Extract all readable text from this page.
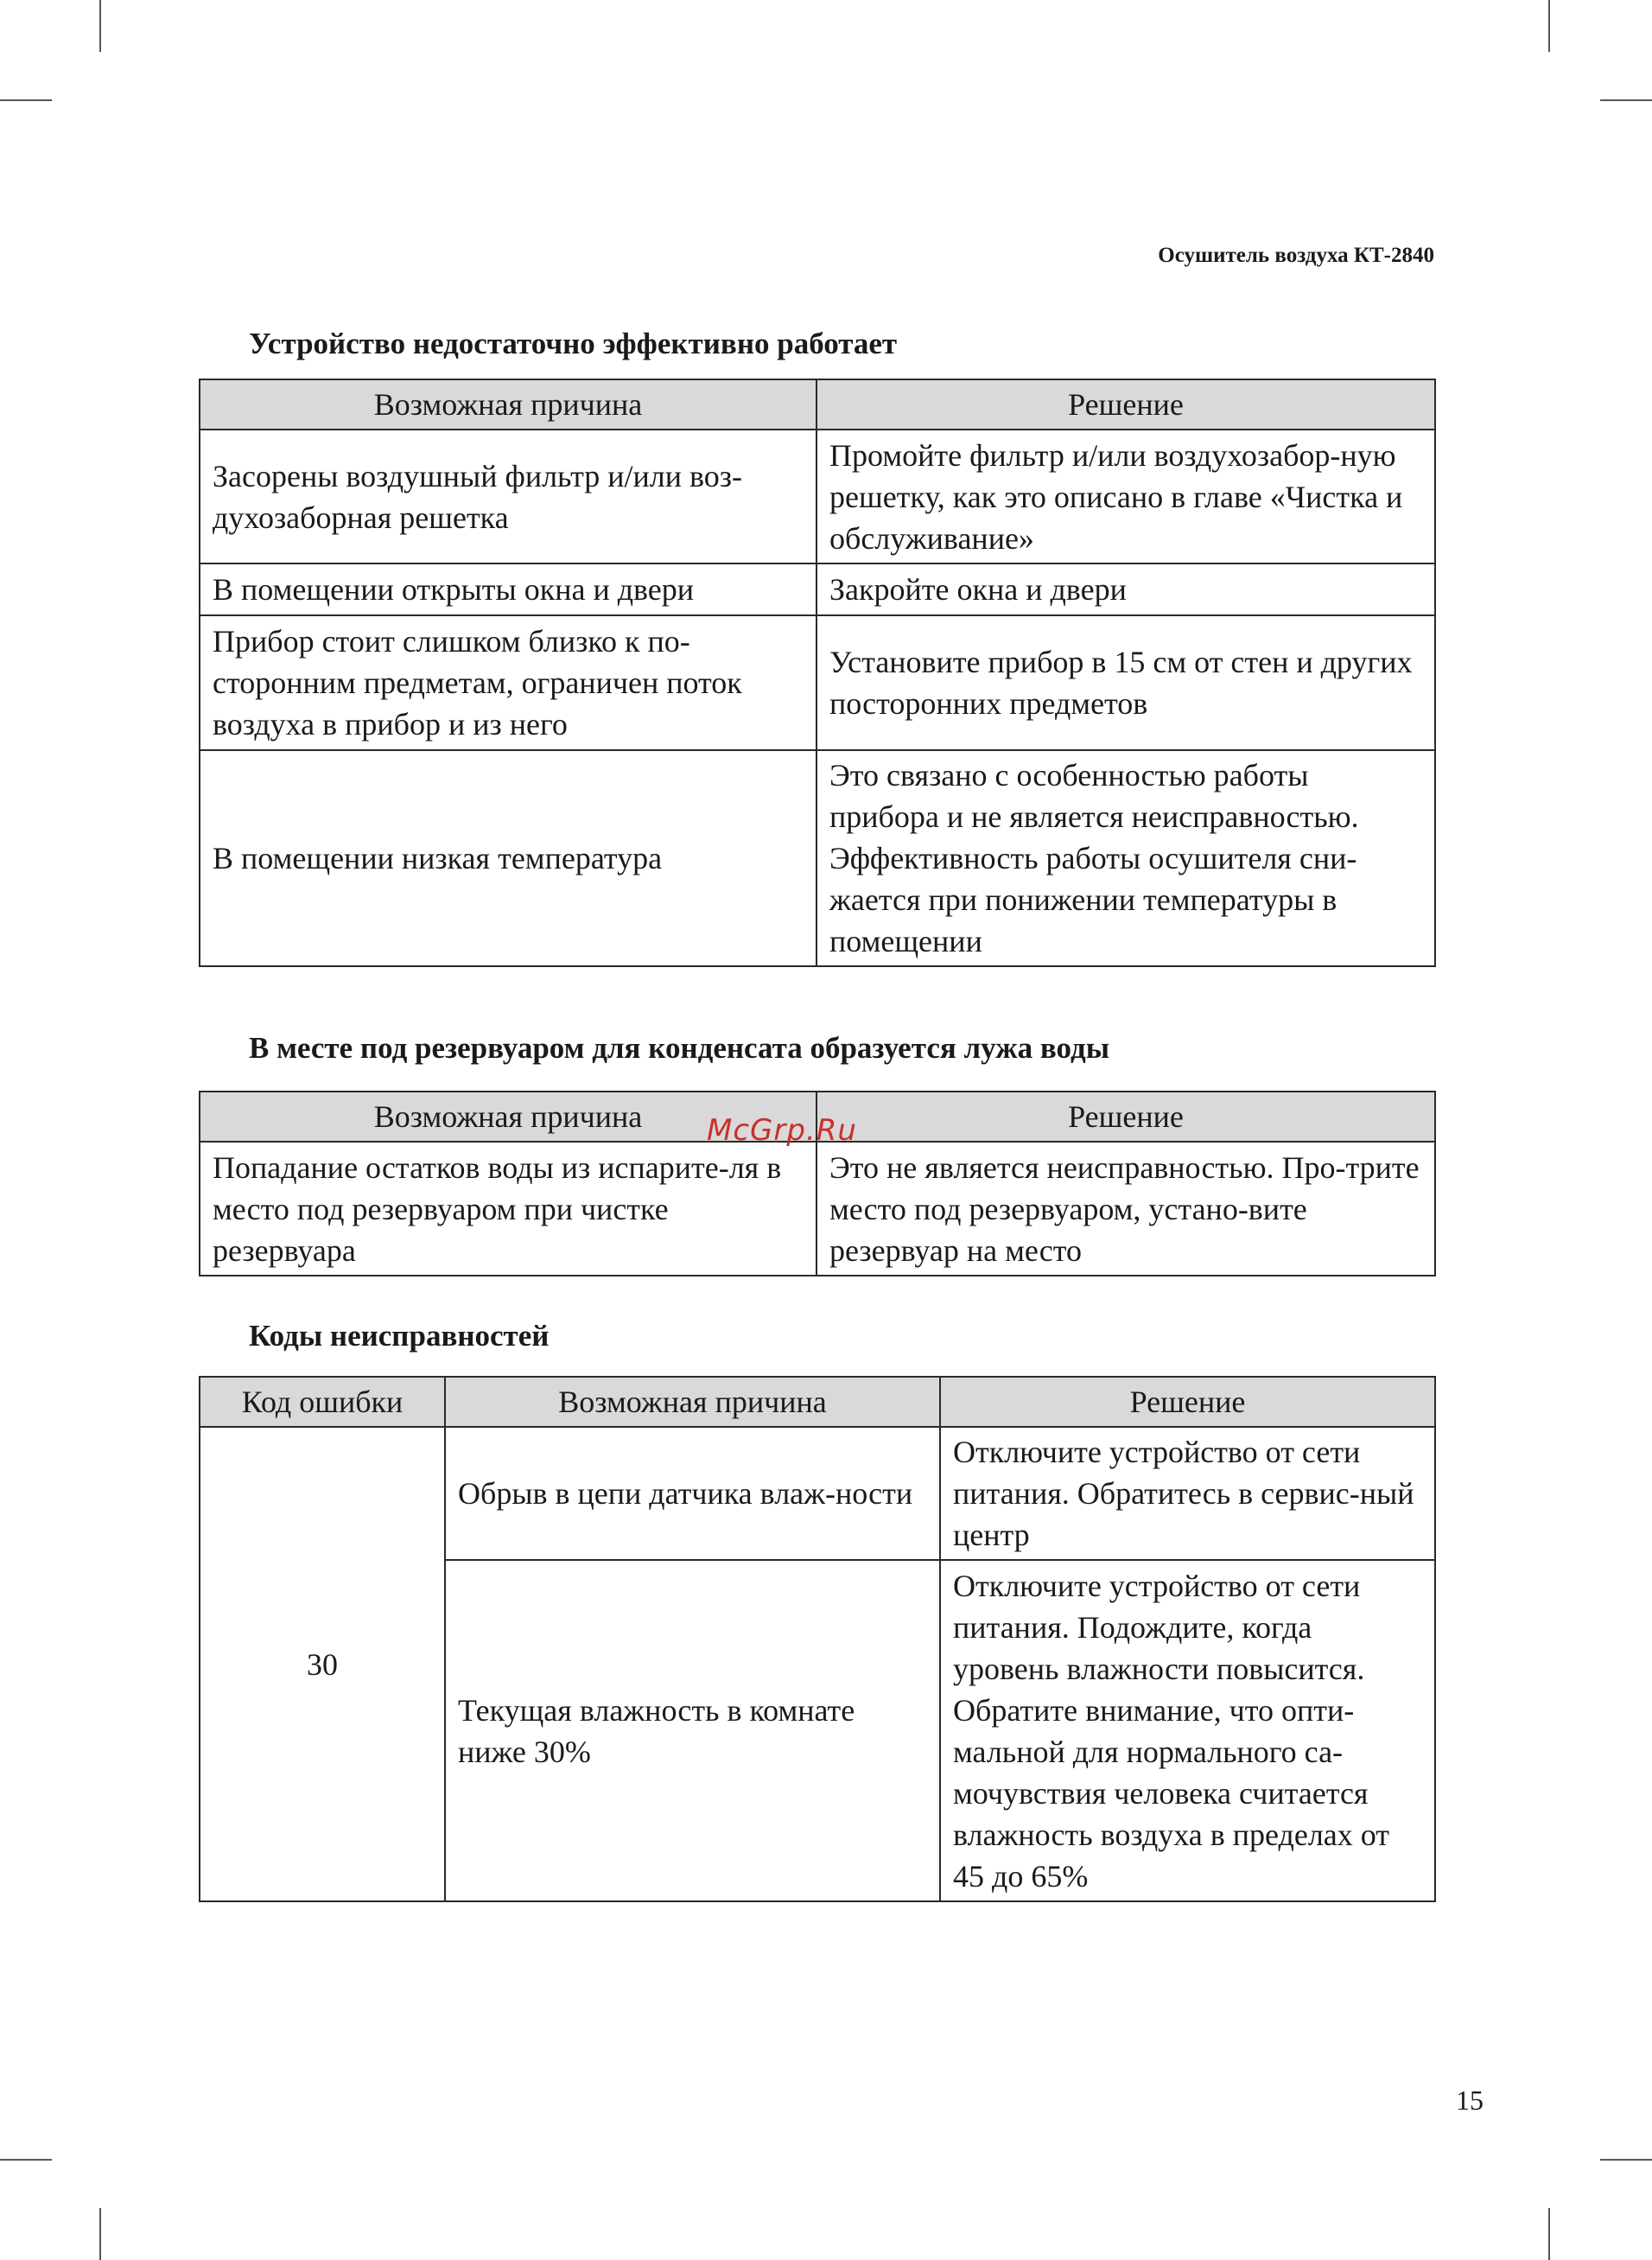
Осушитель воздуха КТ-2840
Устройство недостаточно эффективно работает
Возможная причина	Решение
Засорены воздушный фильтр и/или воз-духозаборная решетка	Промойте фильтр и/или воздухозабор-ную решетку, как это описано в главе «Чистка и обслуживание»
В помещении открыты окна и двери	Закройте окна и двери
Прибор стоит слишком близко к по-сторонним предметам, ограничен поток воздуха в прибор и из него	Установите прибор в 15 см от стен и других посторонних предметов
В помещении низкая температура	Это связано с особенностью работы прибора и не является неисправностью. Эффективность работы осушителя сни-жается при понижении температуры в помещении
В месте под резервуаром для конденсата образуется лужа воды
Возможная причина	Решение
Попадание остатков воды из испарите-ля в место под резервуаром при чистке резервуара	Это не является неисправностью. Про-трите место под резервуаром, устано-вите резервуар на место
Коды неисправностей
Код ошибки	Возможная причина	Решение
30	Обрыв в цепи датчика влаж-ности	Отключите устройство от сети питания. Обратитесь в сервис-ный центр
	Текущая влажность в комнате ниже 30%	Отключите устройство от сети питания. Подождите, когда уровень влажности повысится. Обратите внимание, что опти-мальной для нормального са-мочувствия человека считается влажность воздуха в пределах от 45 до 65%
McGrp.Ru
15
